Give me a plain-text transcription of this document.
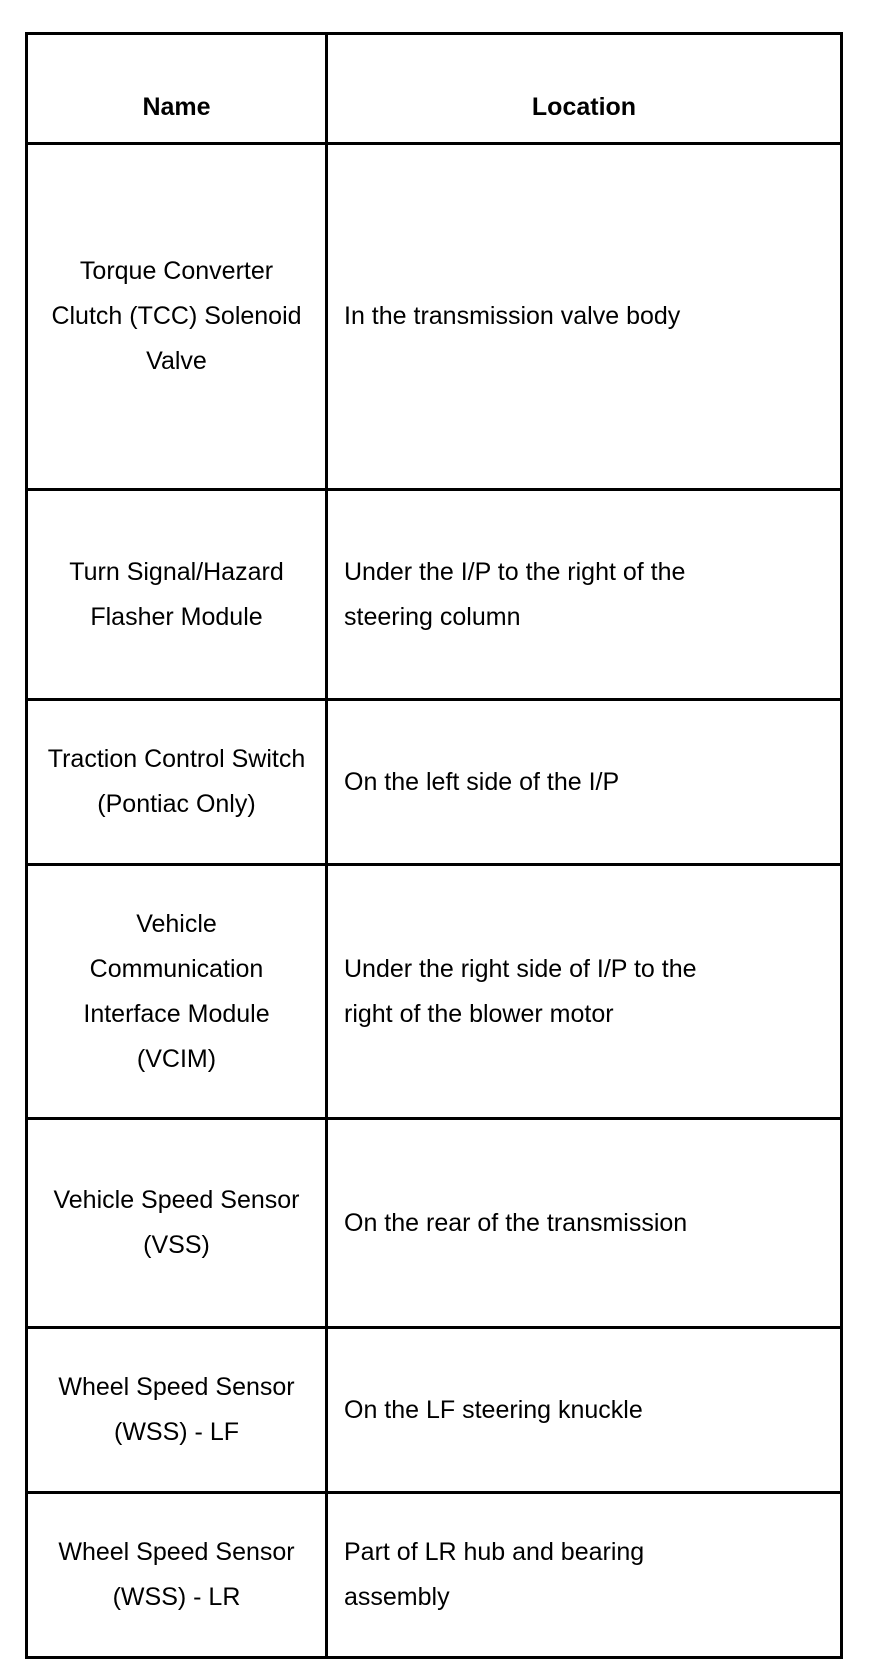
Name	Location
Torque Converter Clutch (TCC) Solenoid Valve	In the transmission valve body
Turn Signal/Hazard Flasher Module	Under the I/P to the right of the steering column
Traction Control Switch (Pontiac Only)	On the left side of the I/P
Vehicle Communication Interface Module (VCIM)	Under the right side of I/P to the right of the blower motor
Vehicle Speed Sensor (VSS)	On the rear of the transmission
Wheel Speed Sensor (WSS) - LF	On the LF steering knuckle
Wheel Speed Sensor (WSS) - LR	Part of LR hub and bearing assembly
